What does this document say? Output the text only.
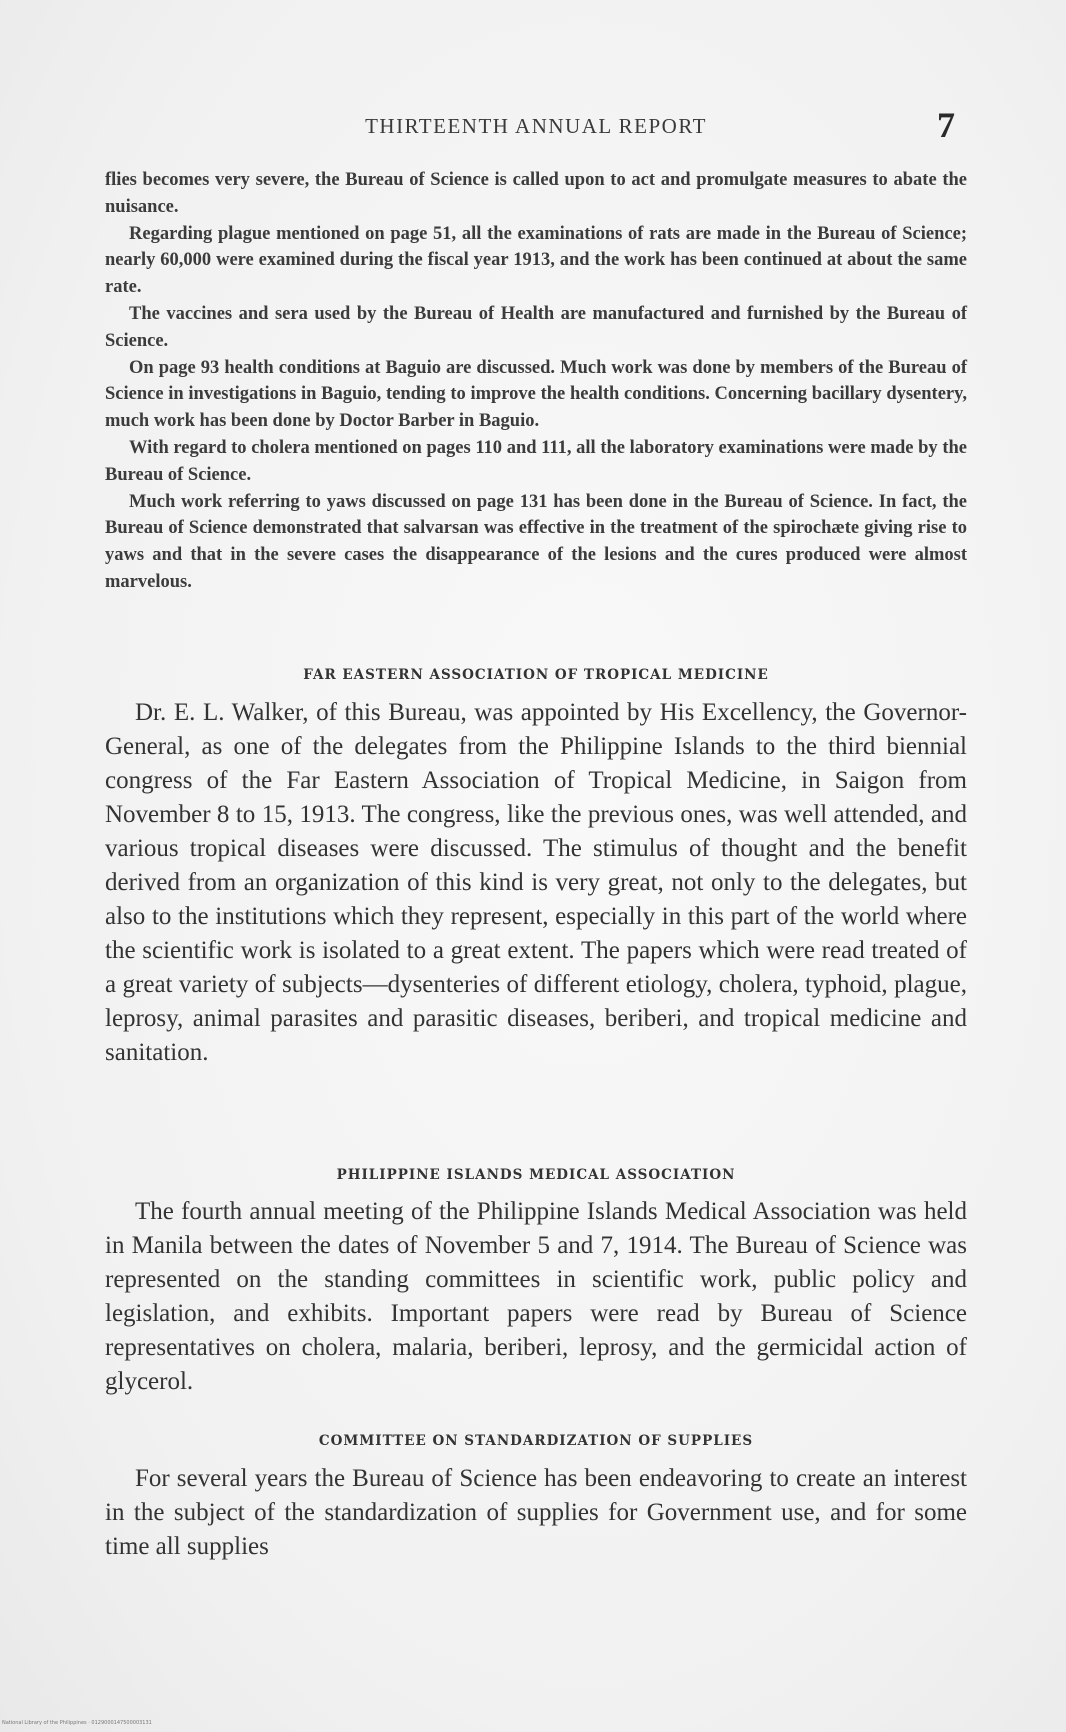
THIRTEENTH ANNUAL REPORT	7

flies becomes very severe, the Bureau of Science is called upon to act and promulgate measures to abate the nuisance.

Regarding plague mentioned on page 51, all the examinations of rats are made in the Bureau of Science; nearly 60,000 were examined during the fiscal year 1913, and the work has been continued at about the same rate.

The vaccines and sera used by the Bureau of Health are manufactured and furnished by the Bureau of Science.

On page 93 health conditions at Baguio are discussed. Much work was done by members of the Bureau of Science in investigations in Baguio, tending to improve the health conditions. Concerning bacillary dysentery, much work has been done by Doctor Barber in Baguio.

With regard to cholera mentioned on pages 110 and 111, all the laboratory examinations were made by the Bureau of Science.

Much work referring to yaws discussed on page 131 has been done in the Bureau of Science. In fact, the Bureau of Science demonstrated that salvarsan was effective in the treatment of the spirochæte giving rise to yaws and that in the severe cases the disappearance of the lesions and the cures produced were almost marvelous.

FAR EASTERN ASSOCIATION OF TROPICAL MEDICINE

Dr. E. L. Walker, of this Bureau, was appointed by His Excellency, the Governor-General, as one of the delegates from the Philippine Islands to the third biennial congress of the Far Eastern Association of Tropical Medicine, in Saigon from November 8 to 15, 1913. The congress, like the previous ones, was well attended, and various tropical diseases were discussed. The stimulus of thought and the benefit derived from an organization of this kind is very great, not only to the delegates, but also to the institutions which they represent, especially in this part of the world where the scientific work is isolated to a great extent. The papers which were read treated of a great variety of subjects—dysenteries of different etiology, cholera, typhoid, plague, leprosy, animal parasites and parasitic diseases, beriberi, and tropical medicine and sanitation.

PHILIPPINE ISLANDS MEDICAL ASSOCIATION

The fourth annual meeting of the Philippine Islands Medical Association was held in Manila between the dates of November 5 and 7, 1914. The Bureau of Science was represented on the standing committees in scientific work, public policy and legislation, and exhibits. Important papers were read by Bureau of Science representatives on cholera, malaria, beriberi, leprosy, and the germicidal action of glycerol.

COMMITTEE ON STANDARDIZATION OF SUPPLIES

For several years the Bureau of Science has been endeavoring to create an interest in the subject of the standardization of supplies for Government use, and for some time all supplies

National Library of the Philippines · 0129000147500003131
